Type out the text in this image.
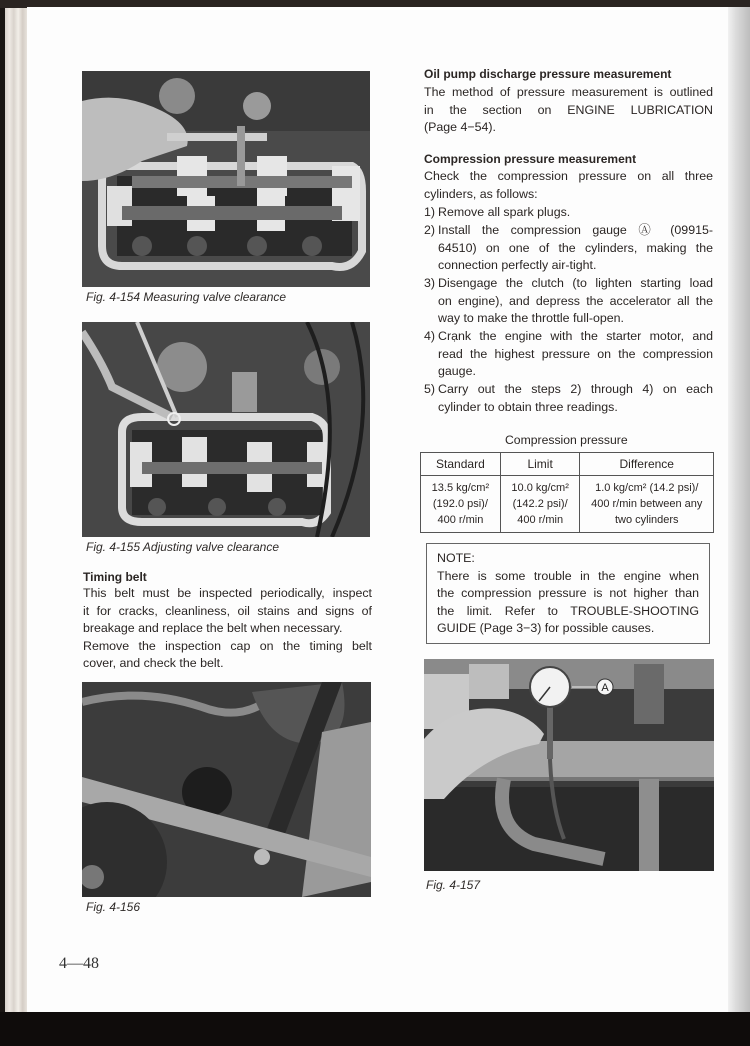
Fig. 4-154 Measuring valve clearance
Fig. 4-155 Adjusting valve clearance
Timing belt
This belt must be inspected periodically, inspect
it for cracks, cleanliness, oil stains and signs of
breakage and replace the belt when necessary.
Remove the inspection cap on the timing belt
cover, and check the belt.
Fig. 4-156
Oil pump discharge pressure measurement
The method of pressure measurement is outlined
in the section on ENGINE LUBRICATION
(Page 4−54).
Compression pressure measurement
Check the compression pressure on all three
cylinders, as follows:
1) Remove all spark plugs.
2) Install the compression gauge Ⓐ (09915-
64510) on one of the cylinders, making the
connection perfectly air-tight.
3) Disengage the clutch (to lighten starting load
on engine), and depress the accelerator all the
way to make the throttle full-open.
4) Crạnk the engine with the starter motor, and
read the highest pressure on the compression
gauge.
5) Carry out the steps 2) through 4) on each
cylinder to obtain three readings.
Compression pressure
Standard	Limit	Difference

13.5 kg/cm²
(192.0 psi)/
400 r/min	10.0 kg/cm²
(142.2 psi)/
400 r/min	1.0 kg/cm² (14.2 psi)/
400 r/min between any
two cylinders
NOTE:
There is some trouble in the engine when
the compression pressure is not higher than
the limit. Refer to TROUBLE-SHOOTING
GUIDE (Page 3−3) for possible causes.
A
Fig. 4-157
4—48
